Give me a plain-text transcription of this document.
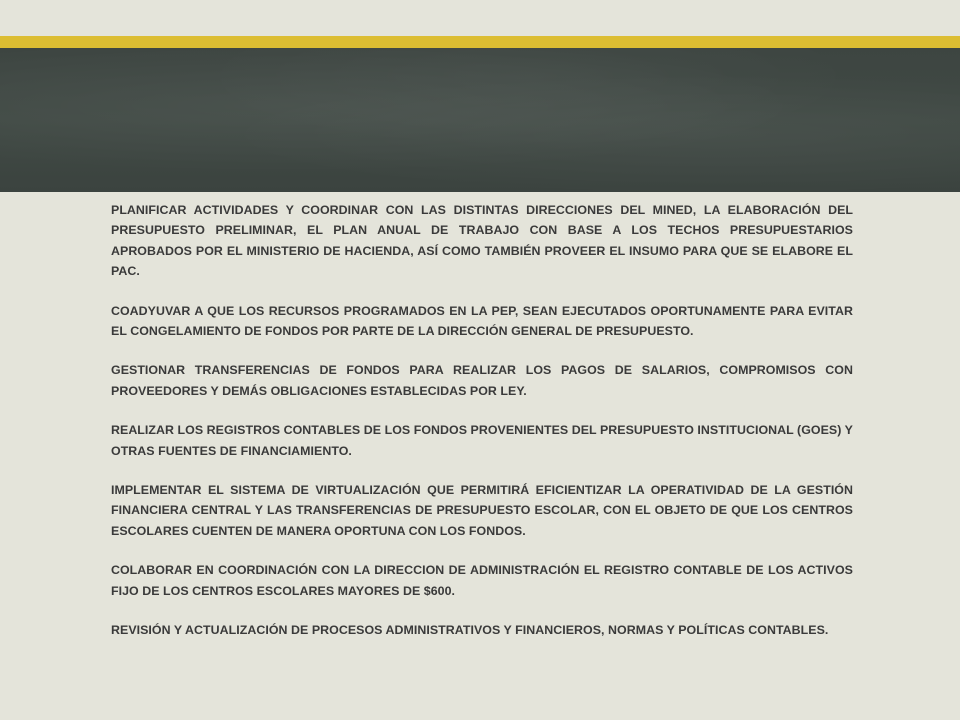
PLANIFICAR ACTIVIDADES Y COORDINAR CON LAS DISTINTAS DIRECCIONES DEL MINED, LA ELABORACIÓN DEL PRESUPUESTO PRELIMINAR, EL PLAN ANUAL DE TRABAJO CON BASE A LOS TECHOS PRESUPUESTARIOS APROBADOS POR EL MINISTERIO DE HACIENDA, ASÍ COMO TAMBIÉN PROVEER EL INSUMO PARA QUE SE ELABORE EL PAC.

COADYUVAR A QUE LOS RECURSOS PROGRAMADOS EN LA PEP, SEAN EJECUTADOS OPORTUNAMENTE PARA EVITAR EL CONGELAMIENTO DE FONDOS POR PARTE DE LA DIRECCIÓN GENERAL DE PRESUPUESTO.

GESTIONAR TRANSFERENCIAS DE FONDOS PARA REALIZAR LOS PAGOS DE SALARIOS, COMPROMISOS CON PROVEEDORES Y DEMÁS OBLIGACIONES ESTABLECIDAS POR LEY.

REALIZAR LOS REGISTROS CONTABLES DE LOS FONDOS PROVENIENTES DEL PRESUPUESTO INSTITUCIONAL (GOES) Y OTRAS FUENTES DE FINANCIAMIENTO.

IMPLEMENTAR EL SISTEMA DE VIRTUALIZACIÓN QUE PERMITIRÁ EFICIENTIZAR LA OPERATIVIDAD DE LA GESTIÓN FINANCIERA CENTRAL Y LAS TRANSFERENCIAS DE PRESUPUESTO ESCOLAR, CON EL OBJETO DE QUE LOS CENTROS ESCOLARES CUENTEN DE MANERA OPORTUNA CON LOS FONDOS.

COLABORAR EN COORDINACIÓN CON LA DIRECCION DE ADMINISTRACIÓN EL REGISTRO CONTABLE DE LOS ACTIVOS FIJO DE LOS CENTROS ESCOLARES MAYORES DE $600.

REVISIÓN Y ACTUALIZACIÓN DE PROCESOS ADMINISTRATIVOS Y FINANCIEROS, NORMAS Y POLÍTICAS CONTABLES.
